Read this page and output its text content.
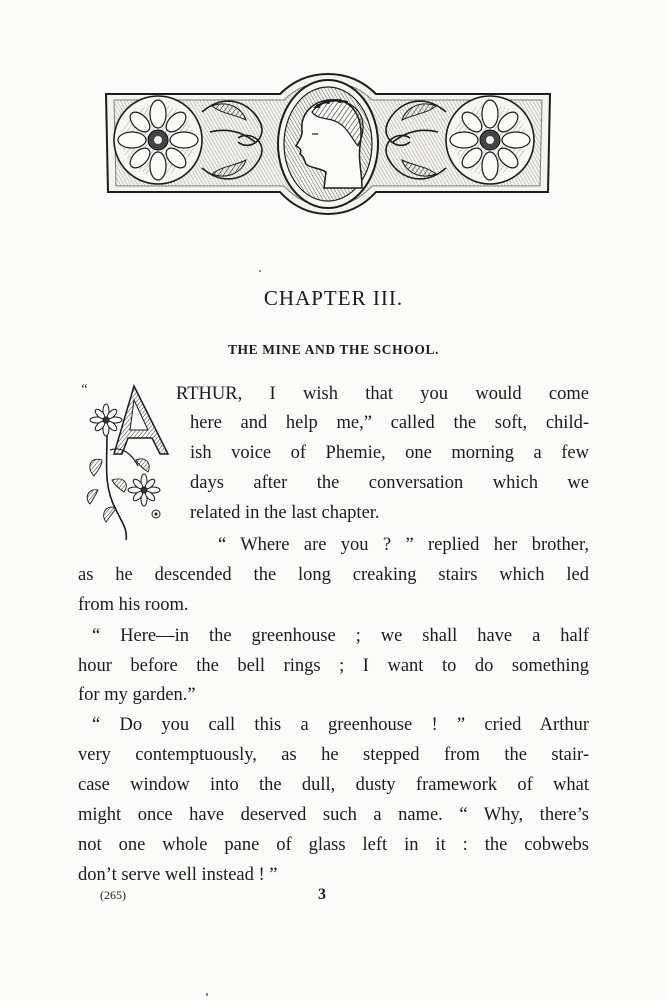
CHAPTER III.
THE MINE AND THE SCHOOL.
“	RTHUR, I wish that you would come
here and help me,” called the soft, child-
ish voice of Phemie, one morning a few
days after the conversation which we
related in the last chapter.
“ Where are you ? ” replied her brother,
as he descended the long creaking stairs which led
from his room.
“ Here—in the greenhouse ; we shall have a half
hour before the bell rings ; I want to do something
for my garden.”
“ Do you call this a greenhouse ! ” cried Arthur
very contemptuously, as he stepped from the stair-
case window into the dull, dusty framework of what
might once have deserved such a name. “ Why, there’s
not one whole pane of glass left in it : the cobwebs
don’t serve well instead ! ”
(265)	3
